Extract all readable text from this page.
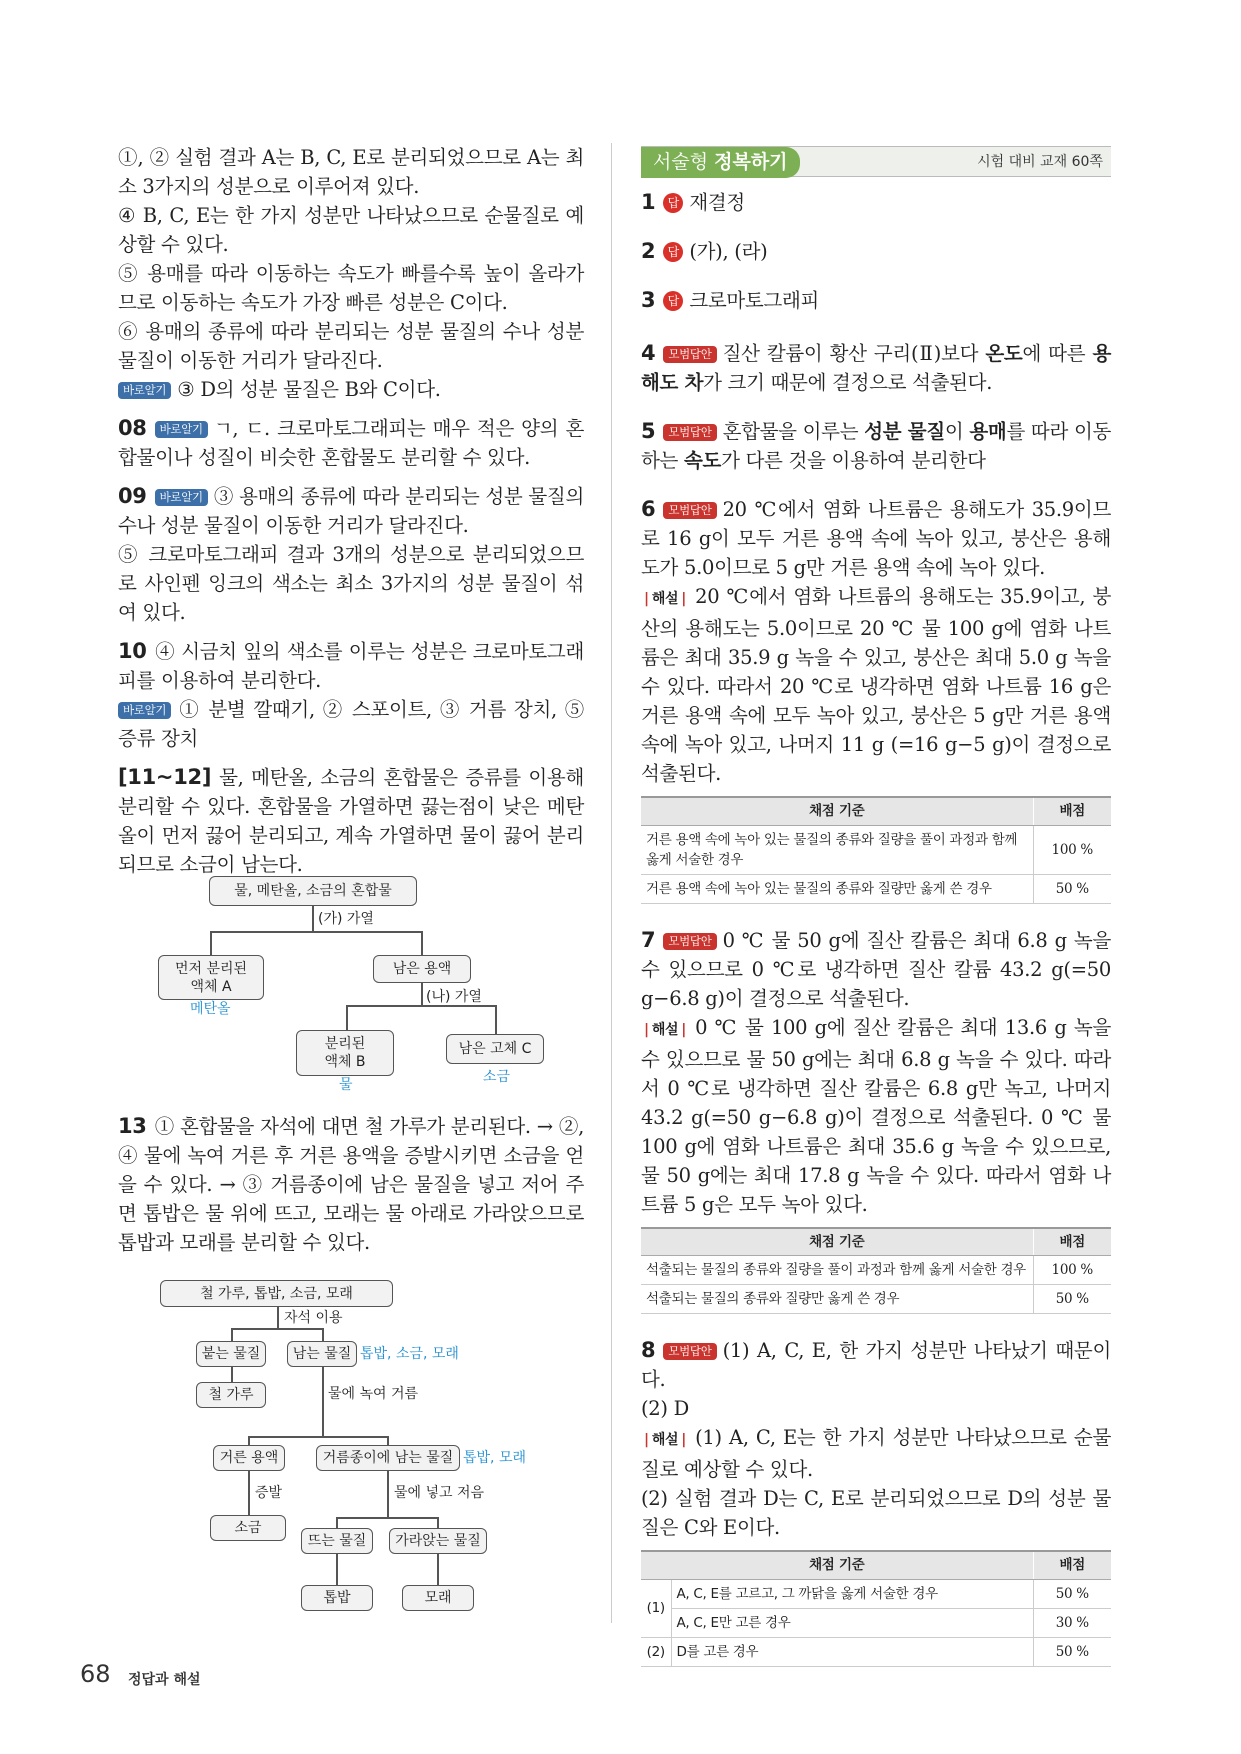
①, ② 실험 결과 A는 B, C, E로 분리되었으므로 A는 최소 3가지의 성분으로 이루어져 있다.

④ B, C, E는 한 가지 성분만 나타났으므로 순물질로 예상할 수 있다.

⑤ 용매를 따라 이동하는 속도가 빠를수록 높이 올라가므로 이동하는 속도가 가장 빠른 성분은 C이다.

⑥ 용매의 종류에 따라 분리되는 성분 물질의 수나 성분 물질이 이동한 거리가 달라진다.

바로알기 ③ D의 성분 물질은 B와 C이다.

08 바로알기 ㄱ, ㄷ. 크로마토그래피는 매우 적은 양의 혼합물이나 성질이 비슷한 혼합물도 분리할 수 있다.

09 바로알기 ③ 용매의 종류에 따라 분리되는 성분 물질의 수나 성분 물질이 이동한 거리가 달라진다.

⑤ 크로마토그래피 결과 3개의 성분으로 분리되었으므로 사인펜 잉크의 색소는 최소 3가지의 성분 물질이 섞여 있다.

10 ④ 시금치 잎의 색소를 이루는 성분은 크로마토그래피를 이용하여 분리한다.

바로알기 ① 분별 깔때기, ② 스포이트, ③ 거름 장치, ⑤ 증류 장치

[11~12] 물, 메탄올, 소금의 혼합물은 증류를 이용해 분리할 수 있다. 혼합물을 가열하면 끓는점이 낮은 메탄올이 먼저 끓어 분리되고, 계속 가열하면 물이 끓어 분리되므로 소금이 남는다.

물, 메탄올, 소금의 혼합물
(가) 가열
먼저 분리된
액체 A
메탄올
남은 용액
(나) 가열
분리된
액체 B
물
남은 고체 C
소금

13 ① 혼합물을 자석에 대면 철 가루가 분리된다. → ②, ④ 물에 녹여 거른 후 거른 용액을 증발시키면 소금을 얻을 수 있다. → ③ 거름종이에 남은 물질을 넣고 저어 주면 톱밥은 물 위에 뜨고, 모래는 물 아래로 가라앉으므로 톱밥과 모래를 분리할 수 있다.

철 가루, 톱밥, 소금, 모래
자석 이용
붙는 물질	남는 물질 톱밥, 소금, 모래
철 가루	물에 녹여 거름
거른 용액	거름종이에 남는 물질 톱밥, 모래
증발	물에 넣고 저음
소금
뜨는 물질	가라앉는 물질
톱밥	모래
서술형 정복하기	시험 대비 교재 60쪽

1 답 재결정

2 답 (가), (라)

3 답 크로마토그래피

4 모범답안 질산 칼륨이 황산 구리(Ⅱ)보다 온도에 따른 용해도 차가 크기 때문에 결정으로 석출된다.

5 모범답안 혼합물을 이루는 성분 물질이 용매를 따라 이동하는 속도가 다른 것을 이용하여 분리한다

6 모범답안 20 ℃에서 염화 나트륨은 용해도가 35.9이므로 16 g이 모두 거른 용액 속에 녹아 있고, 붕산은 용해도가 5.0이므로 5 g만 거른 용액 속에 녹아 있다.

| 해설 | 20 ℃에서 염화 나트륨의 용해도는 35.9이고, 붕산의 용해도는 5.0이므로 20 ℃ 물 100 g에 염화 나트륨은 최대 35.9 g 녹을 수 있고, 붕산은 최대 5.0 g 녹을 수 있다. 따라서 20 ℃로 냉각하면 염화 나트륨 16 g은 거른 용액 속에 모두 녹아 있고, 붕산은 5 g만 거른 용액 속에 녹아 있고, 나머지 11 g (=16 g−5 g)이 결정으로 석출된다.

채점 기준	배점
거른 용액 속에 녹아 있는 물질의 종류와 질량을 풀이 과정과 함께 옳게 서술한 경우	100 %
거른 용액 속에 녹아 있는 물질의 종류와 질량만 옳게 쓴 경우	50 %

7 모범답안 0 ℃ 물 50 g에 질산 칼륨은 최대 6.8 g 녹을 수 있으므로 0 ℃로 냉각하면 질산 칼륨 43.2 g(=50 g−6.8 g)이 결정으로 석출된다.

| 해설 | 0 ℃ 물 100 g에 질산 칼륨은 최대 13.6 g 녹을 수 있으므로 물 50 g에는 최대 6.8 g 녹을 수 있다. 따라서 0 ℃로 냉각하면 질산 칼륨은 6.8 g만 녹고, 나머지 43.2 g(=50 g−6.8 g)이 결정으로 석출된다. 0 ℃ 물 100 g에 염화 나트륨은 최대 35.6 g 녹을 수 있으므로, 물 50 g에는 최대 17.8 g 녹을 수 있다. 따라서 염화 나트륨 5 g은 모두 녹아 있다.

채점 기준	배점
석출되는 물질의 종류와 질량을 풀이 과정과 함께 옳게 서술한 경우	100 %
석출되는 물질의 종류와 질량만 옳게 쓴 경우	50 %

8 모범답안 (1) A, C, E, 한 가지 성분만 나타났기 때문이다.

(2) D

| 해설 | (1) A, C, E는 한 가지 성분만 나타났으므로 순물질로 예상할 수 있다.

(2) 실험 결과 D는 C, E로 분리되었으므로 D의 성분 물질은 C와 E이다.

채점 기준		배점
(1)	A, C, E를 고르고, 그 까닭을 옳게 서술한 경우	50 %
	A, C, E만 고른 경우	30 %
(2)	D를 고른 경우	50 %
68 정답과 해설
